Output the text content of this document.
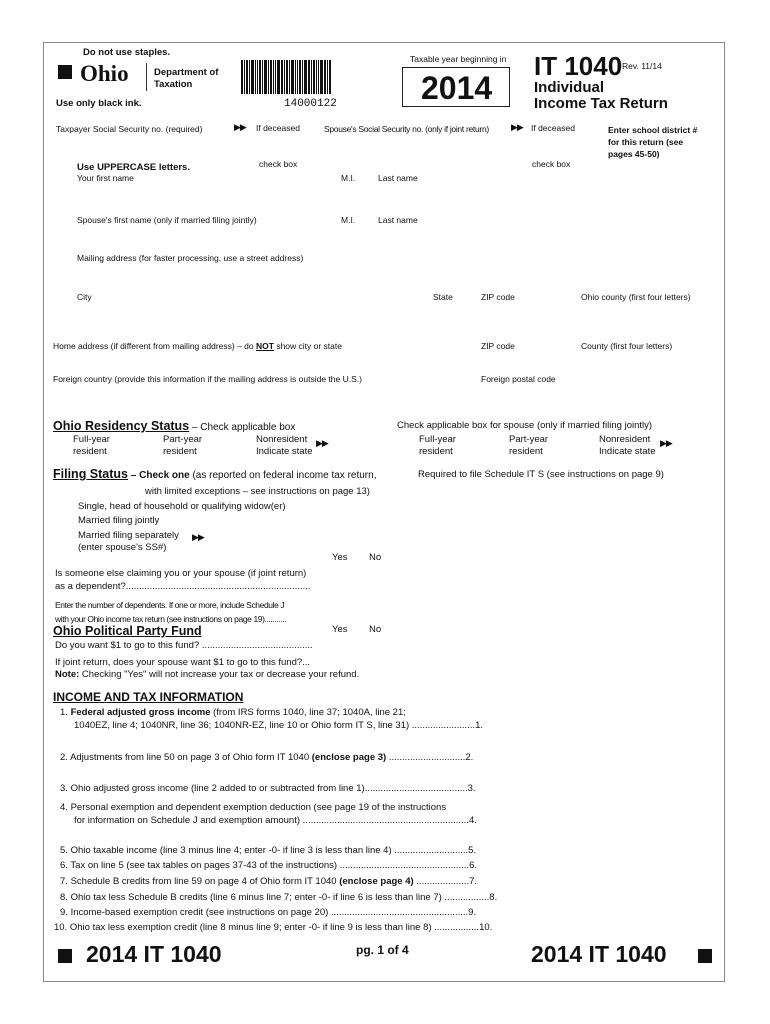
Do not use staples.
Ohio	Department of
Taxation
Use only black ink.	14000122
Taxable year beginning in
2014
IT 1040 Rev. 11/14
Individual
Income Tax Return
Taxpayer Social Security no. (required)	▶▶ If deceased	Spouse's Social Security no. (only if joint return) ▶▶ If deceased	Enter school district #
for this return (see
pages 45-50)
check box	check box
Use UPPERCASE letters.
Your first name	M.I.	Last name
Spouse's first name (only if married filing jointly)	M.I.	Last name
Mailing address (for faster processing, use a street address)
City	State	ZIP code	Ohio county (first four letters)
Home address (if different from mailing address) – do NOT show city or state	ZIP code	County (first four letters)
Foreign country (provide this information if the mailing address is outside the U.S.)	Foreign postal code
Ohio Residency Status – Check applicable box
Full-year
resident
Part-year
resident
Nonresident
Indicate state
▶▶
Check applicable box for spouse (only if married filing jointly)
Full-year
resident
Part-year
resident
Nonresident
Indicate state
▶▶
Filing Status – Check one (as reported on federal income tax return,	Required to file Schedule IT S (see instructions on page 9)
with limited exceptions – see instructions on page 13)
Single, head of household or qualifying widow(er)
Married filing jointly
Married filing separately ▶▶
(enter spouse's SS#)
Yes No
Is someone else claiming you or your spouse (if joint return)
as a dependent?......................................................................
Enter the number of dependents. If one or more, include Schedule J
with your Ohio income tax return (see instructions on page 19)...........
Ohio Political Party Fund	Yes No
Do you want $1 to go to this fund? ..........................................
If joint return, does your spouse want $1 to go to this fund?...
Note: Checking "Yes" will not increase your tax or decrease your refund.
INCOME AND TAX INFORMATION
1. Federal adjusted gross income (from IRS forms 1040, line 37; 1040A, line 21;
1040EZ, line 4; 1040NR, line 36; 1040NR-EZ, line 10 or Ohio form IT S, line 31) ........................1.
2. Adjustments from line 50 on page 3 of Ohio form IT 1040 (enclose page 3) .............................2.
3. Ohio adjusted gross income (line 2 added to or subtracted from line 1).......................................3.
4. Personal exemption and dependent exemption deduction (see page 19 of the instructions
for information on Schedule J and exemption amount) ...............................................................4.
5. Ohio taxable income (line 3 minus line 4; enter -0- if line 3 is less than line 4) ............................5.
6. Tax on line 5 (see tax tables on pages 37-43 of the instructions) .................................................6.
7. Schedule B credits from line 59 on page 4 of Ohio form IT 1040 (enclose page 4) ....................7.
8. Ohio tax less Schedule B credits (line 6 minus line 7; enter -0- if line 6 is less than line 7) .................8.
9. Income-based exemption credit (see instructions on page 20) ....................................................9.
10. Ohio tax less exemption credit (line 8 minus line 9; enter -0- if line 9 is less than line 8) .................10.
2014 IT 1040	pg. 1 of 4	2014 IT 1040
